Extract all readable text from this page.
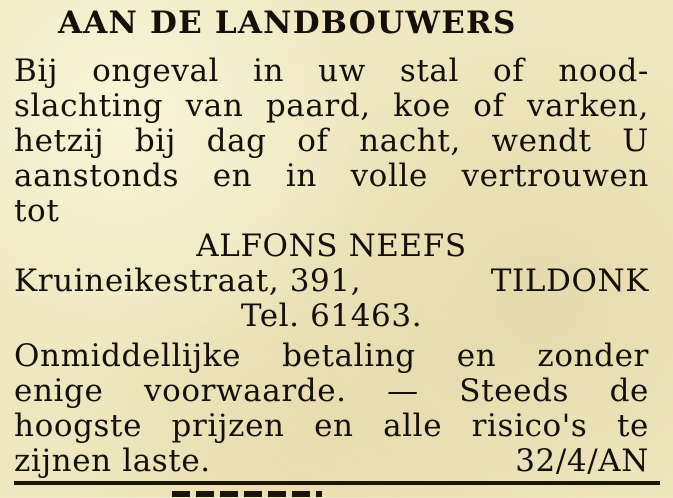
AAN DE LANDBOUWERS
Bij ongeval in uw stal of nood-
slachting van paard, koe of varken,
hetzij bij dag of nacht, wendt U
aanstonds en in volle vertrouwen
tot
ALFONS NEEFS
Kruineikestraat, 391,	TILDONK
Tel. 61463.
Onmiddellijke betaling en zonder
enige voorwaarde. — Steeds de
hoogste prijzen en alle risico's te
zijnen laste.	32/4/AN
